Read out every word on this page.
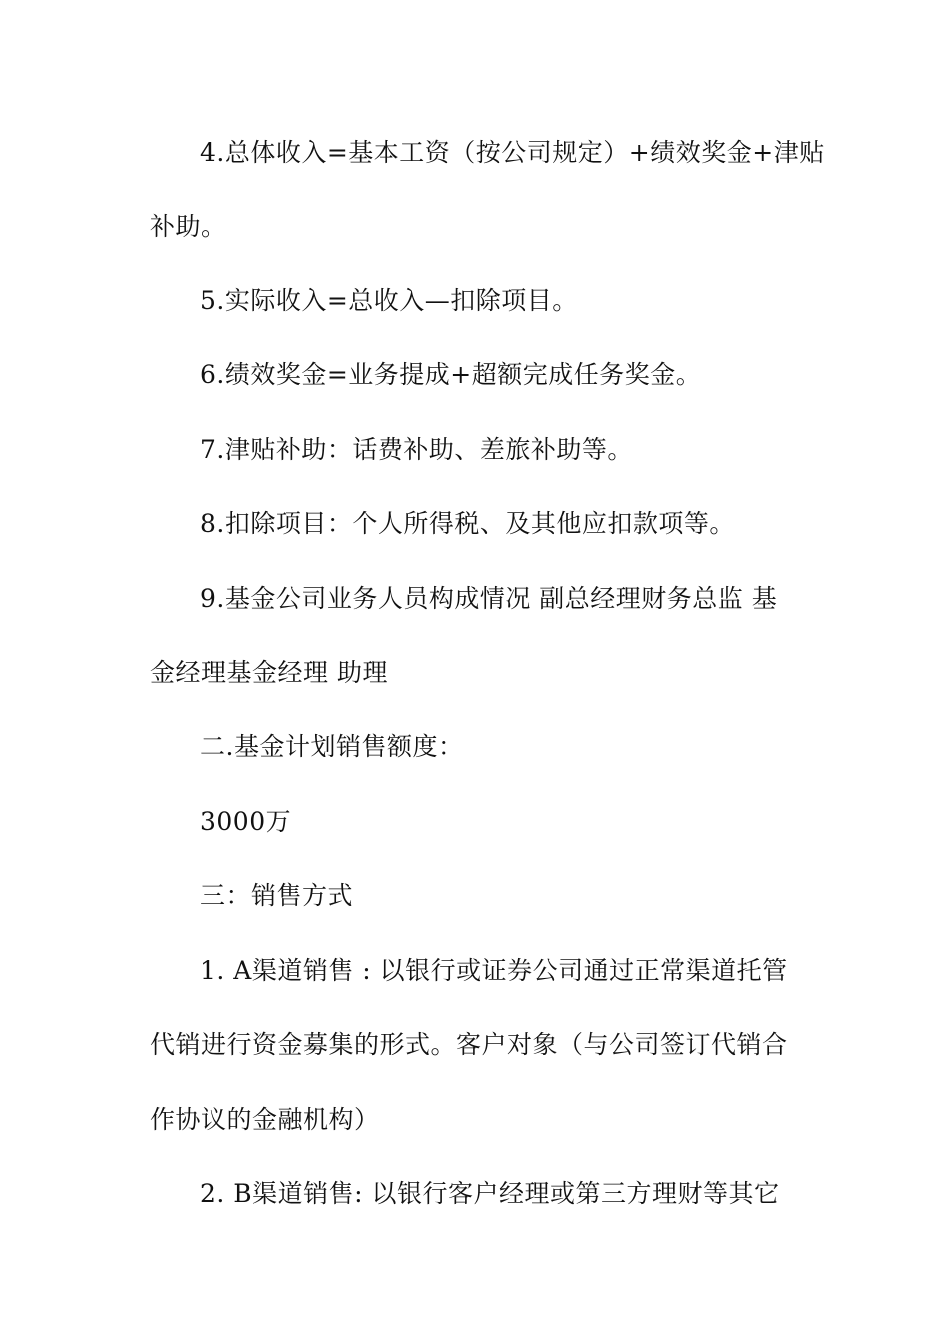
4.总体收入=基本工资（按公司规定）+绩效奖金+津贴
补助。
5.实际收入=总收入—扣除项目。
6.绩效奖金=业务提成+超额完成任务奖金。
7.津贴补助：话费补助、差旅补助等。
8.扣除项目：个人所得税、及其他应扣款项等。
9.基金公司业务人员构成情况 副总经理财务总监 基
金经理基金经理 助理
二.基金计划销售额度：
3000万
三：销售方式
1. A渠道销售 : 以银行或证券公司通过正常渠道托管
代销进行资金募集的形式。客户对象（与公司签订代销合
作协议的金融机构）
2. B渠道销售: 以银行客户经理或第三方理财等其它
